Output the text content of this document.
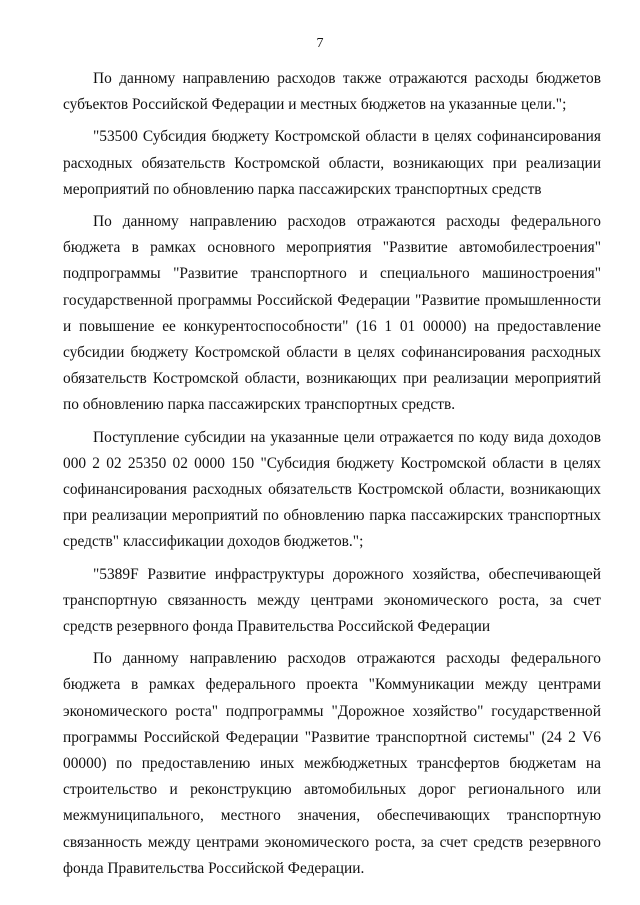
7

По данному направлению расходов также отражаются расходы бюджетов субъектов Российской Федерации и местных бюджетов на указанные цели.";

"53500 Субсидия бюджету Костромской области в целях софинансирования расходных обязательств Костромской области, возникающих при реализации мероприятий по обновлению парка пассажирских транспортных средств

По данному направлению расходов отражаются расходы федерального бюджета в рамках основного мероприятия "Развитие автомобилестроения" подпрограммы "Развитие транспортного и специального машиностроения" государственной программы Российской Федерации "Развитие промышленности и повышение ее конкурентоспособности" (16 1 01 00000) на предоставление субсидии бюджету Костромской области в целях софинансирования расходных обязательств Костромской области, возникающих при реализации мероприятий по обновлению парка пассажирских транспортных средств.

Поступление субсидии на указанные цели отражается по коду вида доходов 000 2 02 25350 02 0000 150 "Субсидия бюджету Костромской области в целях софинансирования расходных обязательств Костромской области, возникающих при реализации мероприятий по обновлению парка пассажирских транспортных средств" классификации доходов бюджетов.";

"5389F Развитие инфраструктуры дорожного хозяйства, обеспечивающей транспортную связанность между центрами экономического роста, за счет средств резервного фонда Правительства Российской Федерации

По данному направлению расходов отражаются расходы федерального бюджета в рамках федерального проекта "Коммуникации между центрами экономического роста" подпрограммы "Дорожное хозяйство" государственной программы Российской Федерации "Развитие транспортной системы" (24 2 V6 00000) по предоставлению иных межбюджетных трансфертов бюджетам на строительство и реконструкцию автомобильных дорог регионального или межмуниципального, местного значения, обеспечивающих транспортную связанность между центрами экономического роста, за счет средств резервного фонда Правительства Российской Федерации.
